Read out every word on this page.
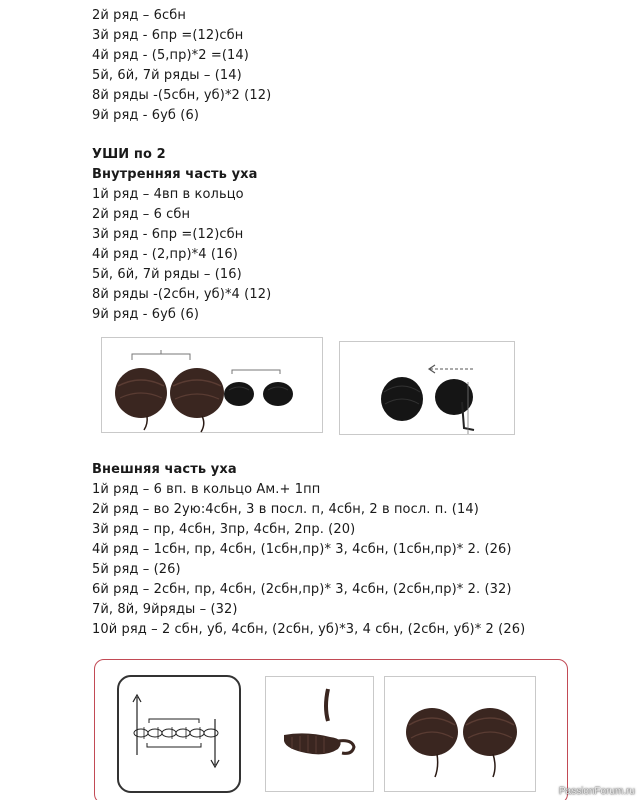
2й ряд – 6сбн
3й ряд - 6пр =(12)сбн
4й ряд - (5,пр)*2 =(14)
5й, 6й, 7й ряды – (14)
8й ряды -(5сбн, уб)*2 (12)
9й ряд - 6уб (6)
УШИ по 2
Внутренняя часть уха
1й ряд – 4вп в кольцо
2й ряд – 6 сбн
3й ряд - 6пр =(12)сбн
4й ряд - (2,пр)*4 (16)
5й, 6й, 7й ряды – (16)
8й ряды -(2сбн, уб)*4 (12)
9й ряд - 6уб (6)
Внешняя часть уха
1й ряд – 6 вп. в кольцо Ам.+ 1пп
2й ряд – во 2ую:4сбн, 3 в посл. п, 4сбн, 2 в посл. п. (14)
3й ряд – пр, 4сбн, 3пр, 4сбн, 2пр. (20)
4й ряд – 1сбн, пр, 4сбн, (1сбн,пр)* 3, 4сбн, (1сбн,пр)* 2. (26)
5й ряд – (26)
6й ряд – 2сбн, пр, 4сбн, (2сбн,пр)* 3, 4сбн, (2сбн,пр)* 2. (32)
7й, 8й, 9йряды – (32)
10й ряд – 2 сбн, уб, 4сбн, (2сбн, уб)*3, 4 сбн, (2сбн, уб)* 2 (26)
PassionForum.ru
